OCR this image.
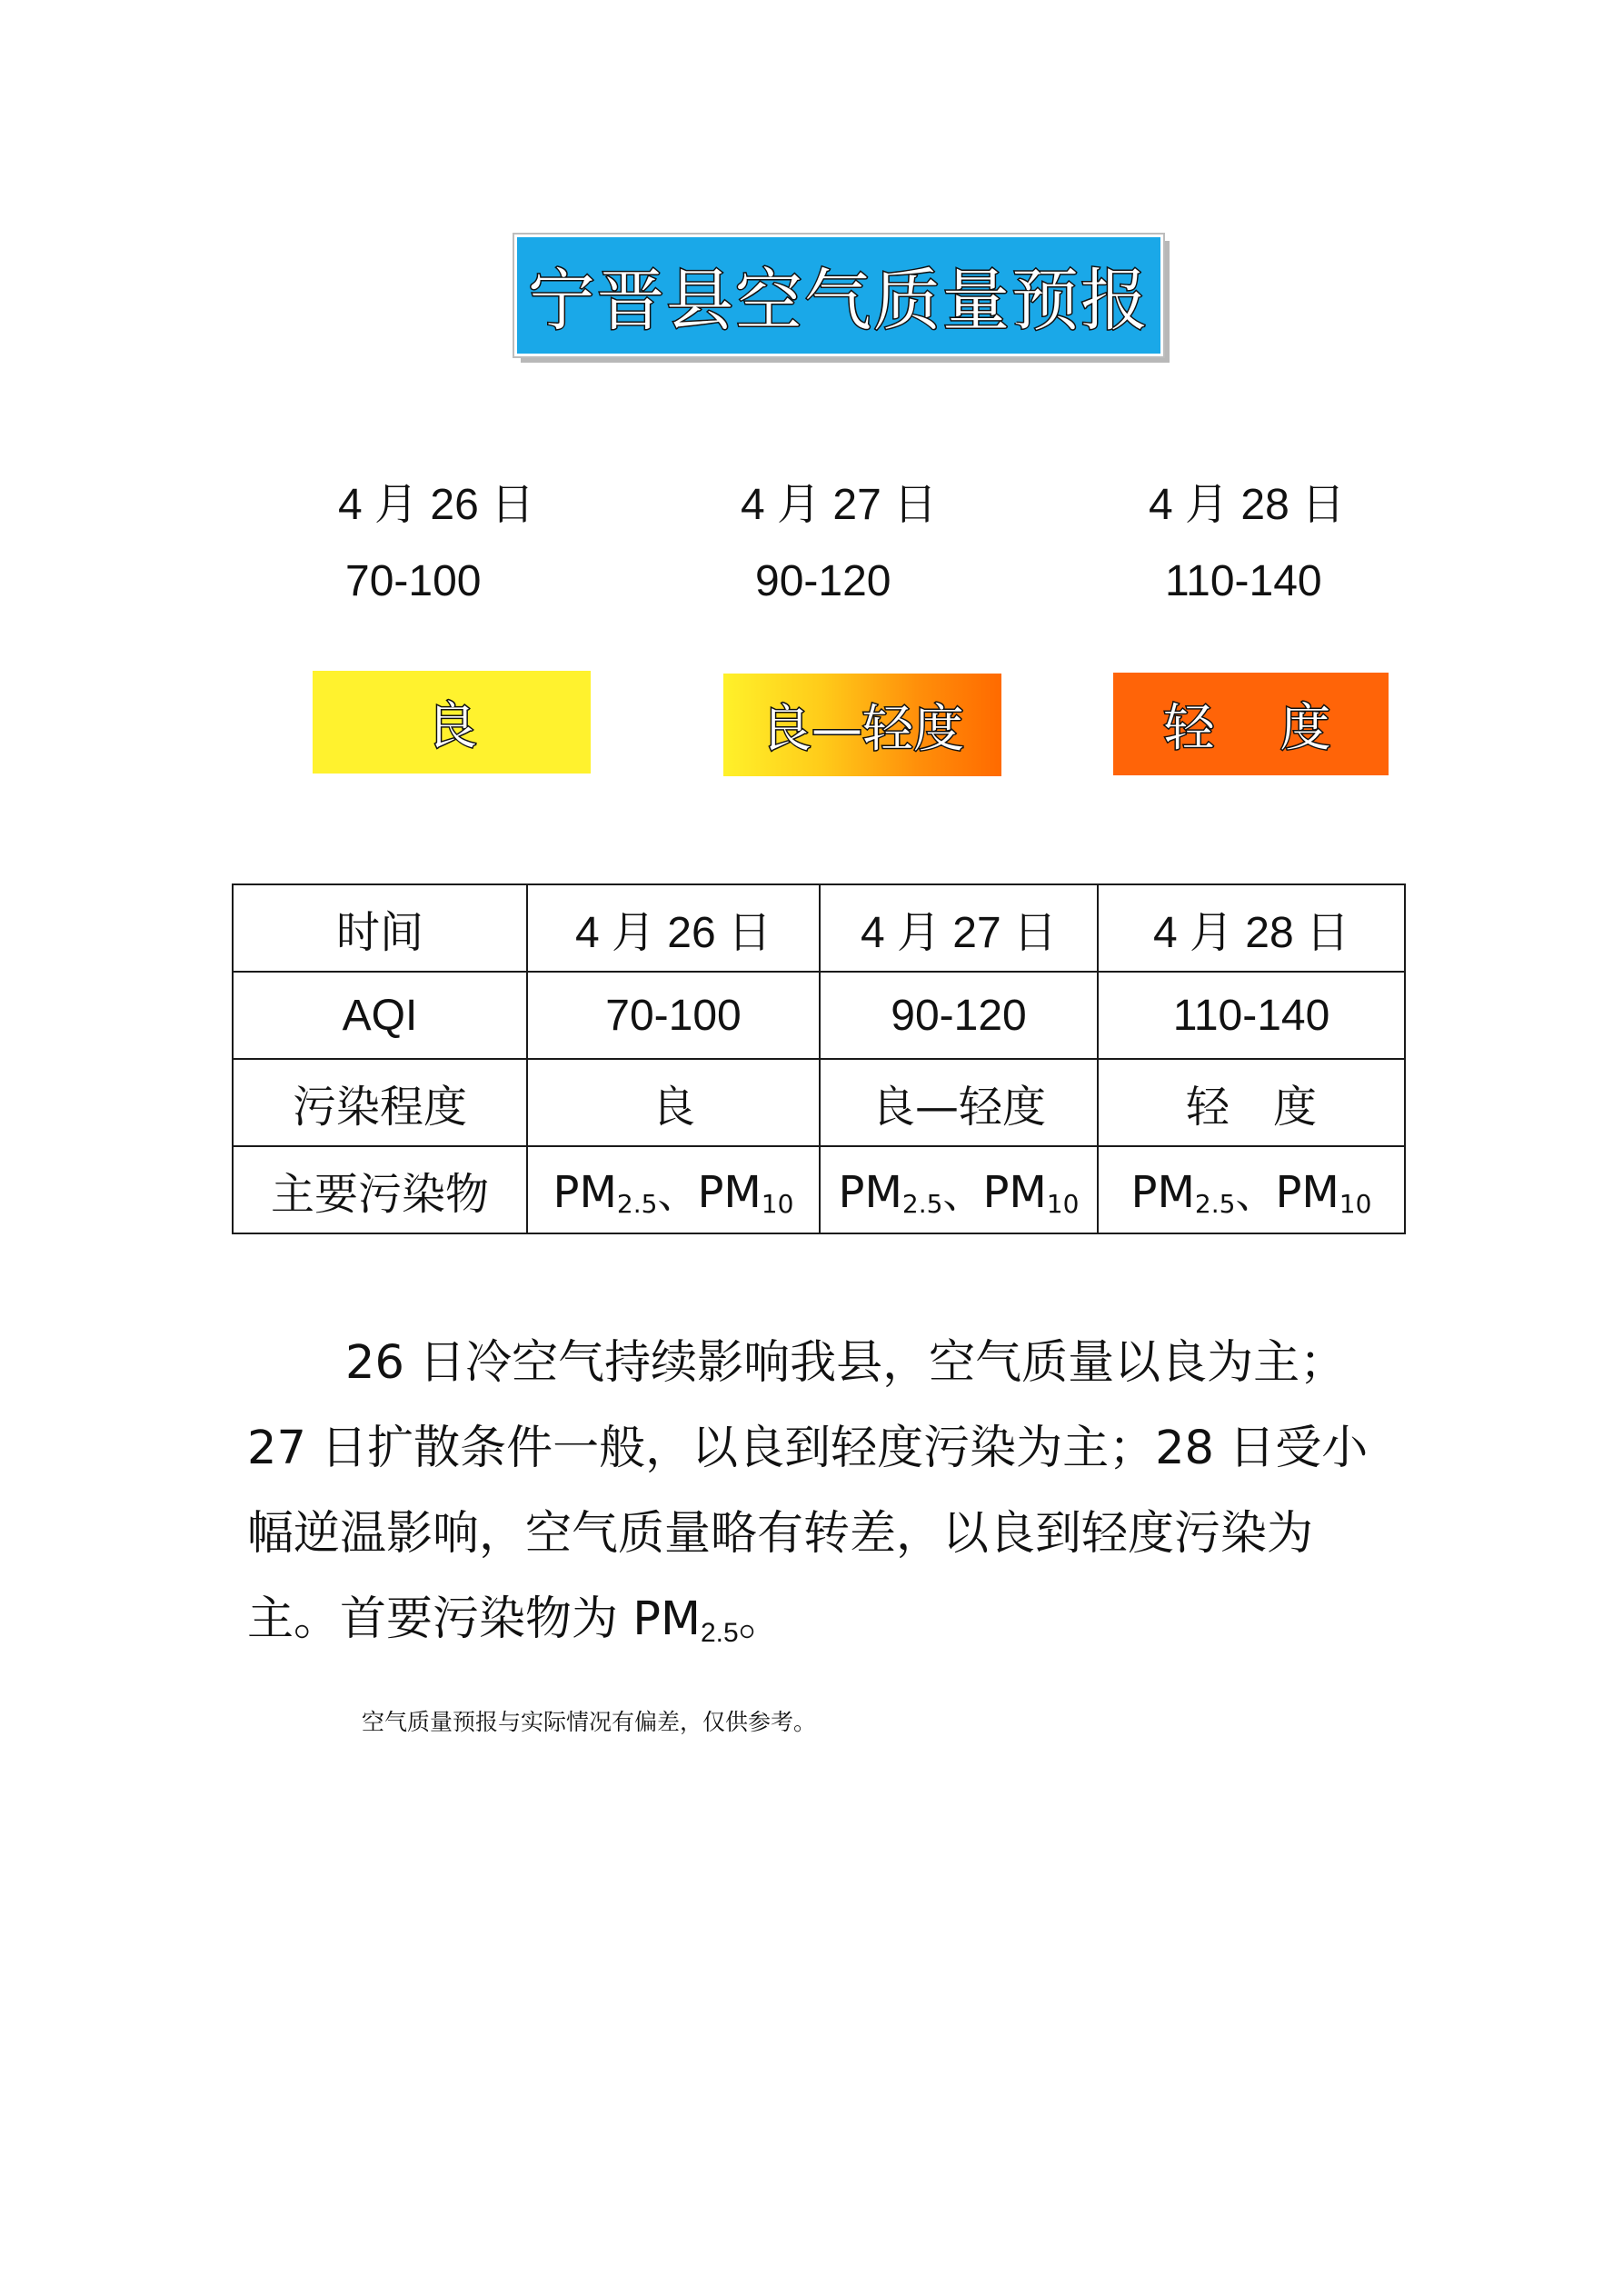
宁晋县空气质量预报
4 月 26 日	4 月 27 日	4 月 28 日
70-100	90-120	110-140
良	良—轻度	轻　度
时间	4 月 26 日	4 月 27 日	4 月 28 日
AQI	70-100	90-120	110-140
污染程度	良	良—轻度	轻　度
主要污染物	$PM_{2.5}$、$PM_{10}$	$PM_{2.5}$、$PM_{10}$	$PM_{2.5}$、$PM_{10}$
26 日冷空气持续影响我县，空气质量以良为主；
27 日扩散条件一般，以良到轻度污染为主；28 日受小
幅逆温影响，空气质量略有转差，以良到轻度污染为
主。首要污染物为 $PM_{2.5}$。
空气质量预报与实际情况有偏差，仅供参考。
